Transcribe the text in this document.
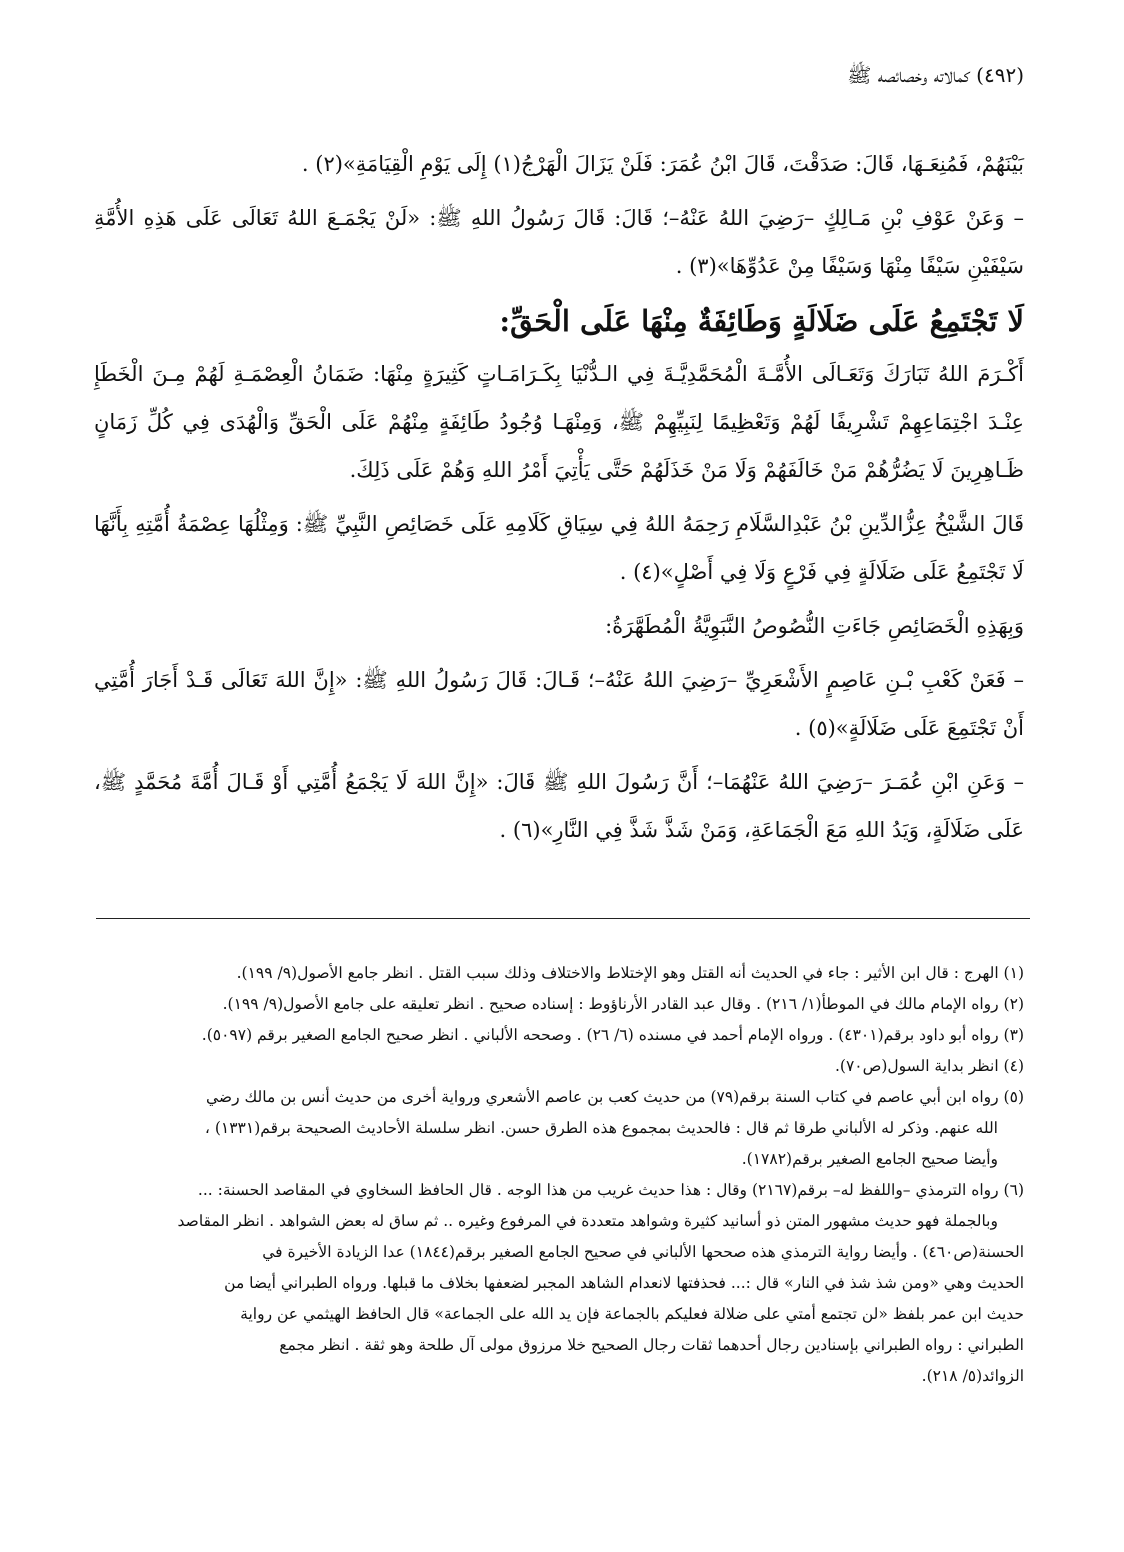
(٤٩٢) كمالاته وخصائصه ﷺ

بَيْنَهُمْ، فَمُنِعَـهَا، قَالَ: صَدَقْتَ، قَالَ ابْنُ عُمَرَ: فَلَنْ يَزَالَ الْهَرْجُ(١) إِلَى يَوْمِ الْقِيَامَةِ»(٢) .

– وَعَنْ عَوْفِ بْنِ مَـالِكٍ –رَضِيَ اللهُ عَنْهُ–؛ قَالَ: قَالَ رَسُولُ اللهِ ﷺ: «لَنْ يَجْمَـعَ اللهُ تَعَالَى عَلَى هَذِهِ الأُمَّةِ سَيْفَيْنِ سَيْفًا مِنْهَا وَسَيْفًا مِنْ عَدُوِّهَا»(٣) .

لَا تَجْتَمِعُ عَلَى ضَلَالَةٍ وَطَائِفَةٌ مِنْهَا عَلَى الْحَقِّ:

أَكْـرَمَ اللهُ تَبَارَكَ وَتَعَـالَى الأُمَّـةَ الْمُحَمَّدِيَّـةَ فِي الـدُّنْيَا بِكَـرَامَـاتٍ كَثِيرَةٍ مِنْهَا: ضَمَانُ الْعِصْمَـةِ لَهُمْ مِـنَ الْخَطَإِ عِنْـدَ اجْتِمَاعِهِمْ تَشْرِيفًا لَهُمْ وَتَعْظِيمًا لِنَبِيِّهِمْ ﷺ، وَمِنْهَـا وُجُودُ طَائِفَةٍ مِنْهُمْ عَلَى الْحَقِّ وَالْهُدَى فِي كُلِّ زَمَانٍ ظَـاهِرِينَ لَا يَضُرُّهُمْ مَنْ خَالَفَهُمْ وَلَا مَنْ خَذَلَهُمْ حَتَّى يَأْتِيَ أَمْرُ اللهِ وَهُمْ عَلَى ذَلِكَ.

قَالَ الشَّيْخُ عِزُّالدِّينِ بْنُ عَبْدِالسَّلَامِ رَحِمَهُ اللهُ فِي سِيَاقِ كَلَامِهِ عَلَى خَصَائِصِ النَّبِيِّ ﷺ: وَمِثْلُهَا عِصْمَةُ أُمَّتِهِ بِأَنَّهَا لَا تَجْتَمِعُ عَلَى ضَلَالَةٍ فِي فَرْعٍ وَلَا فِي أَصْلٍ»(٤) .

وَبِهَذِهِ الْخَصَائِصِ جَاءَتِ النُّصُوصُ النَّبَوِيَّةُ الْمُطَهَّرَةُ:

– فَعَنْ كَعْبِ بْـنِ عَاصِمٍ الأَشْعَرِيِّ –رَضِيَ اللهُ عَنْهُ–؛ قَـالَ: قَالَ رَسُولُ اللهِ ﷺ: «إِنَّ اللهَ تَعَالَى قَـدْ أَجَارَ أُمَّتِي أَنْ تَجْتَمِعَ عَلَى ضَلَالَةٍ»(٥) .

– وَعَنِ ابْنِ عُمَـرَ –رَضِيَ اللهُ عَنْهُمَا–؛ أَنَّ رَسُولَ اللهِ ﷺ قَالَ: «إِنَّ اللهَ لَا يَجْمَعُ أُمَّتِي أَوْ قَـالَ أُمَّةَ مُحَمَّدٍ ﷺ، عَلَى ضَلَالَةٍ، وَيَدُ اللهِ مَعَ الْجَمَاعَةِ، وَمَنْ شَذَّ شَذَّ فِي النَّارِ»(٦) .

(١) الهرج : قال ابن الأثير : جاء في الحديث أنه القتل وهو الإختلاط والاختلاف وذلك سبب القتل . انظر جامع الأصول(٩/ ١٩٩).

(٢) رواه الإمام مالك في الموطأ(١/ ٢١٦) . وقال عبد القادر الأرناؤوط : إسناده صحيح . انظر تعليقه على جامع الأصول(٩/ ١٩٩).

(٣) رواه أبو داود برقم(٤٣٠١) . ورواه الإمام أحمد في مسنده (٦/ ٢٦) . وصححه الألباني . انظر صحيح الجامع الصغير برقم (٥٠٩٧).

(٤) انظر بداية السول(ص٧٠).

(٥) رواه ابن أبي عاصم في كتاب السنة برقم(٧٩) من حديث كعب بن عاصم الأشعري ورواية أخرى من حديث أنس بن مالك رضي

الله عنهم. وذكر له الألباني طرقا ثم قال : فالحديث بمجموع هذه الطرق حسن. انظر سلسلة الأحاديث الصحيحة برقم(١٣٣١) ،

وأيضا صحيح الجامع الصغير برقم(١٧٨٢).

(٦) رواه الترمذي –واللفظ له– برقم(٢١٦٧) وقال : هذا حديث غريب من هذا الوجه . قال الحافظ السخاوي في المقاصد الحسنة: ...

وبالجملة فهو حديث مشهور المتن ذو أسانيد كثيرة وشواهد متعددة في المرفوع وغيره .. ثم ساق له بعض الشواهد . انظر المقاصد

الحسنة(ص٤٦٠) . وأيضا رواية الترمذي هذه صححها الألباني في صحيح الجامع الصغير برقم(١٨٤٤) عدا الزيادة الأخيرة في

الحديث وهي «ومن شذ شذ في النار» قال :... فحذفتها لانعدام الشاهد المجبر لضعفها بخلاف ما قبلها. ورواه الطبراني أيضا من

حديث ابن عمر بلفظ «لن تجتمع أمتي على ضلالة فعليكم بالجماعة فإن يد الله على الجماعة» قال الحافظ الهيثمي عن رواية

الطبراني : رواه الطبراني بإسنادين رجال أحدهما ثقات رجال الصحيح خلا مرزوق مولى آل طلحة وهو ثقة . انظر مجمع

الزوائد(٥/ ٢١٨).
